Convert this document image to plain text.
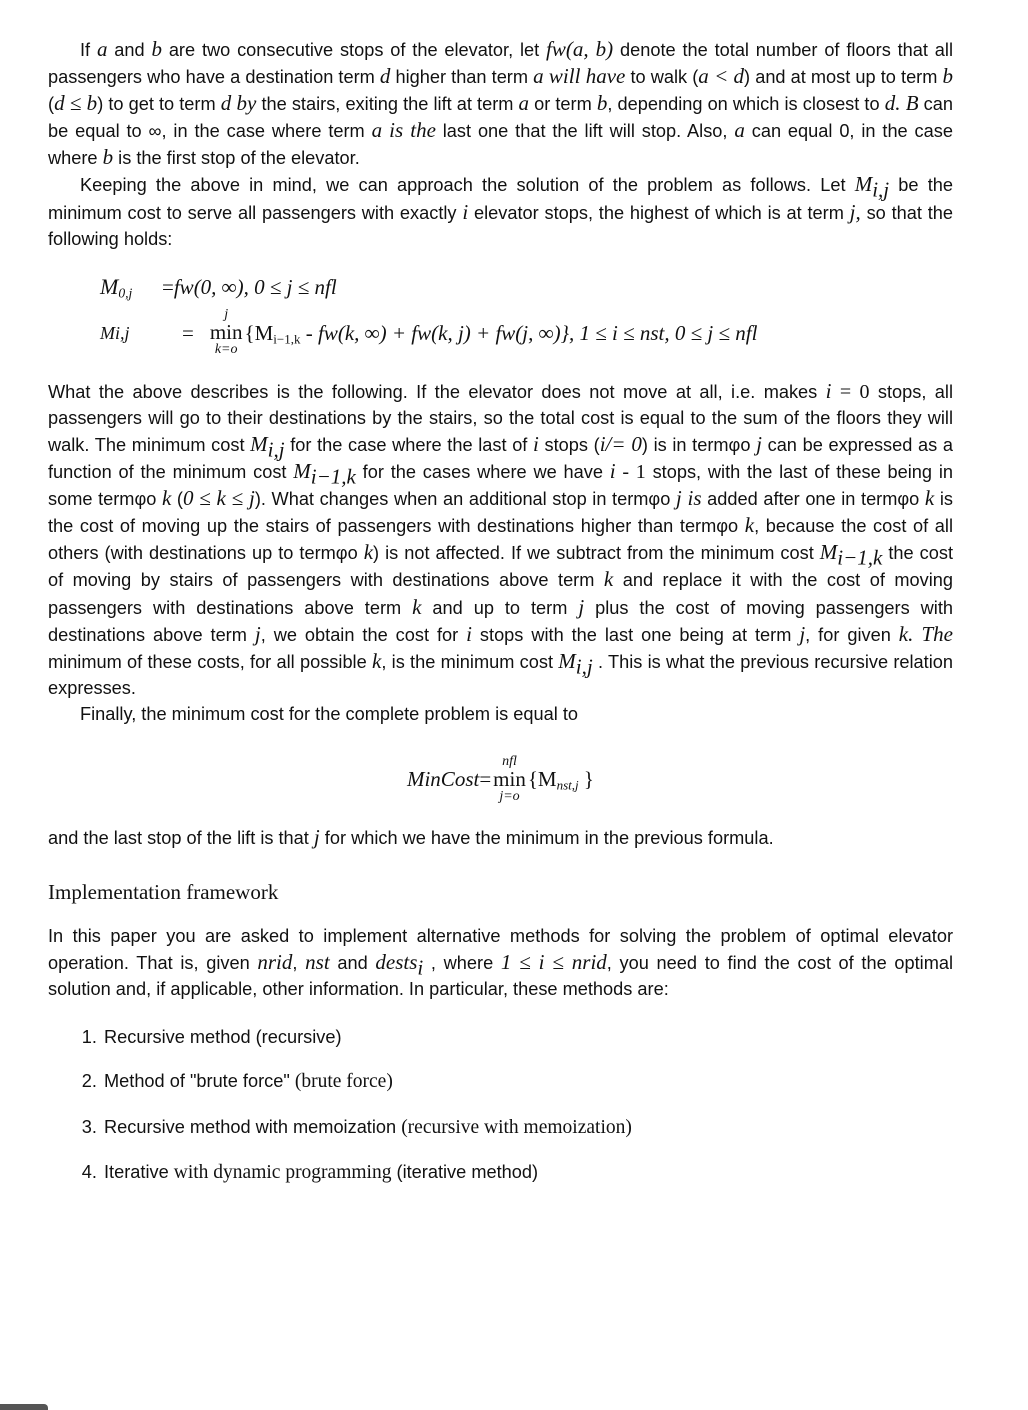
If a and b are two consecutive stops of the elevator, let fw(a, b) denote the total number of floors that all passengers who have a destination term d higher than term a will have to walk (a < d) and at most up to term b (d ≤ b) to get to term d by the stairs, exiting the lift at term a or term b, depending on which is closest to d. B can be equal to ∞, in the case where term a is the last one that the lift will stop. Also, a can equal 0, in the case where b is the first stop of the elevator.

Keeping the above in mind, we can approach the solution of the problem as follows. Let $M_{i,j}$ be the minimum cost to serve all passengers with exactly i elevator stops, the highest of which is at term j, so that the following holds:

$M_{0,j}$	=fw(0, ∞), 0 ≤ j ≤ nfl
Mi,j	=
j
min
k=o
{$M_{i-1,k} - fw(k$, ∞) + fw(k, j) + fw(j, ∞)}, 1 ≤ i ≤ nst, 0 ≤ j ≤ nfl

What the above describes is the following. If the elevator does not move at all, i.e. makes i = 0 stops, all passengers will go to their destinations by the stairs, so the total cost is equal to the sum of the floors they will walk. The minimum cost $M_{i,j}$ for the case where the last of i stops (i/= 0) is in termφo j can be expressed as a function of the minimum cost $M_{i-1,k}$ for the cases where we have i - 1 stops, with the last of these being in some termφo k (0 ≤ k ≤ j). What changes when an additional stop in termφo j is added after one in termφo k is the cost of moving up the stairs of passengers with destinations higher than termφo k, because the cost of all others (with destinations up to termφo k) is not affected. If we subtract from the minimum cost $M_{i-1,k}$ the cost of moving by stairs of passengers with destinations above term k and replace it with the cost of moving passengers with destinations above term k and up to term j plus the cost of moving passengers with destinations above term j, we obtain the cost for i stops with the last one being at term j, for given k. The minimum of these costs, for all possible k, is the minimum cost $M_{i,j}$ . This is what the previous recursive relation expresses.

Finally, the minimum cost for the complete problem is equal to

MinCost =
nfl
min
j=o
{$M_{nst,j}$ }

and the last stop of the lift is that j for which we have the minimum in the previous formula.

Implementation framework

In this paper you are asked to implement alternative methods for solving the problem of optimal elevator operation. That is, given nrid, nst and dests$_i$ , where 1 ≤ i ≤ nrid, you need to find the cost of the optimal solution and, if applicable, other information. In particular, these methods are:

1. Recursive method (recursive)
2. Method of "brute force" (brute force)
3. Recursive method with memoization (recursive with memoization)
4. Iterative with dynamic programming (iterative method)
